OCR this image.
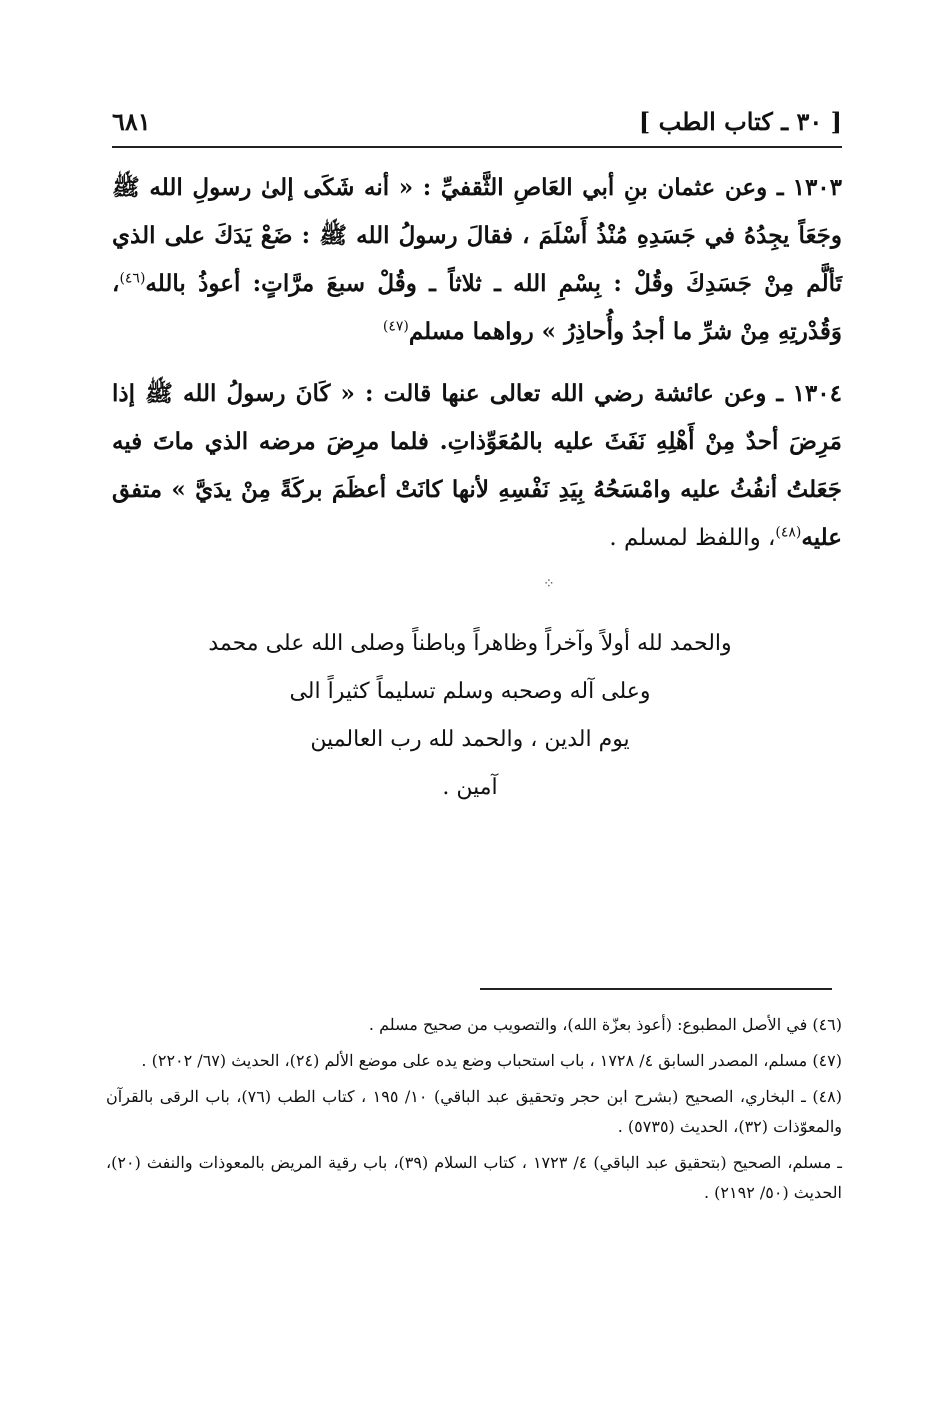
٦٨١	[ ٣٠ ـ كتاب الطب ]

١٣٠٣ ـ وعن عثمان بنِ أبي العَاصِ الثَّقفيِّ : « أنه شَكَى إلىٰ رسولِ الله ﷺ وجَعَاً يجِدُهُ في جَسَدِهِ مُنْذُ أَسْلَمَ ، فقالَ رسولُ الله ﷺ : ضَعْ يَدَكَ على الذي تَألَّم مِنْ جَسَدِكَ وقُلْ : بِسْمِ الله ـ ثلاثاً ـ وقُلْ سبعَ مرَّاتٍ: أعوذُ بالله$^{(٤٦)}$، وَقُدْرتِهِ مِنْ شرِّ ما أجدُ وأُحاذِرُ » رواهما مسلم$^{(٤٧)}$

١٣٠٤ ـ وعن عائشة رضي الله تعالى عنها قالت : « كَانَ رسولُ الله ﷺ إذا مَرِضَ أحدٌ مِنْ أَهْلِهِ نَفَثَ عليه بالمُعَوِّذاتِ. فلما مرِضَ مرضه الذي ماتَ فيه جَعَلتُ أنفُثُ عليه وامْسَحُهُ بِيَدِ نَفْسِهِ لأنها كانَتْ أعظَمَ بركَةً مِنْ يدَيَّ » متفق عليه$^{(٤٨)}$، واللفظ لمسلم .

⁘
والحمد لله أولاً وآخراً وظاهراً وباطناً وصلى الله على محمد
وعلى آله وصحبه وسلم تسليماً كثيراً الى
يوم الدين ، والحمد لله رب العالمين
آمين .

(٤٦) في الأصل المطبوع: (أعوذ بعزّة الله)، والتصويب من صحيح مسلم .

(٤٧) مسلم، المصدر السابق ٤/ ١٧٢٨ ، باب استحباب وضع يده على موضع الألم (٢٤)، الحديث (٦٧/ ٢٢٠٢) .

(٤٨) ـ البخاري، الصحيح (بشرح ابن حجر وتحقيق عبد الباقي) ١٠/ ١٩٥ ، كتاب الطب (٧٦)، باب الرقى بالقرآن والمعوّذات (٣٢)، الحديث (٥٧٣٥) .

ـ مسلم، الصحيح (بتحقيق عبد الباقي) ٤/ ١٧٢٣ ، كتاب السلام (٣٩)، باب رقية المريض بالمعوذات والنفث (٢٠)، الحديث (٥٠/ ٢١٩٢) .
